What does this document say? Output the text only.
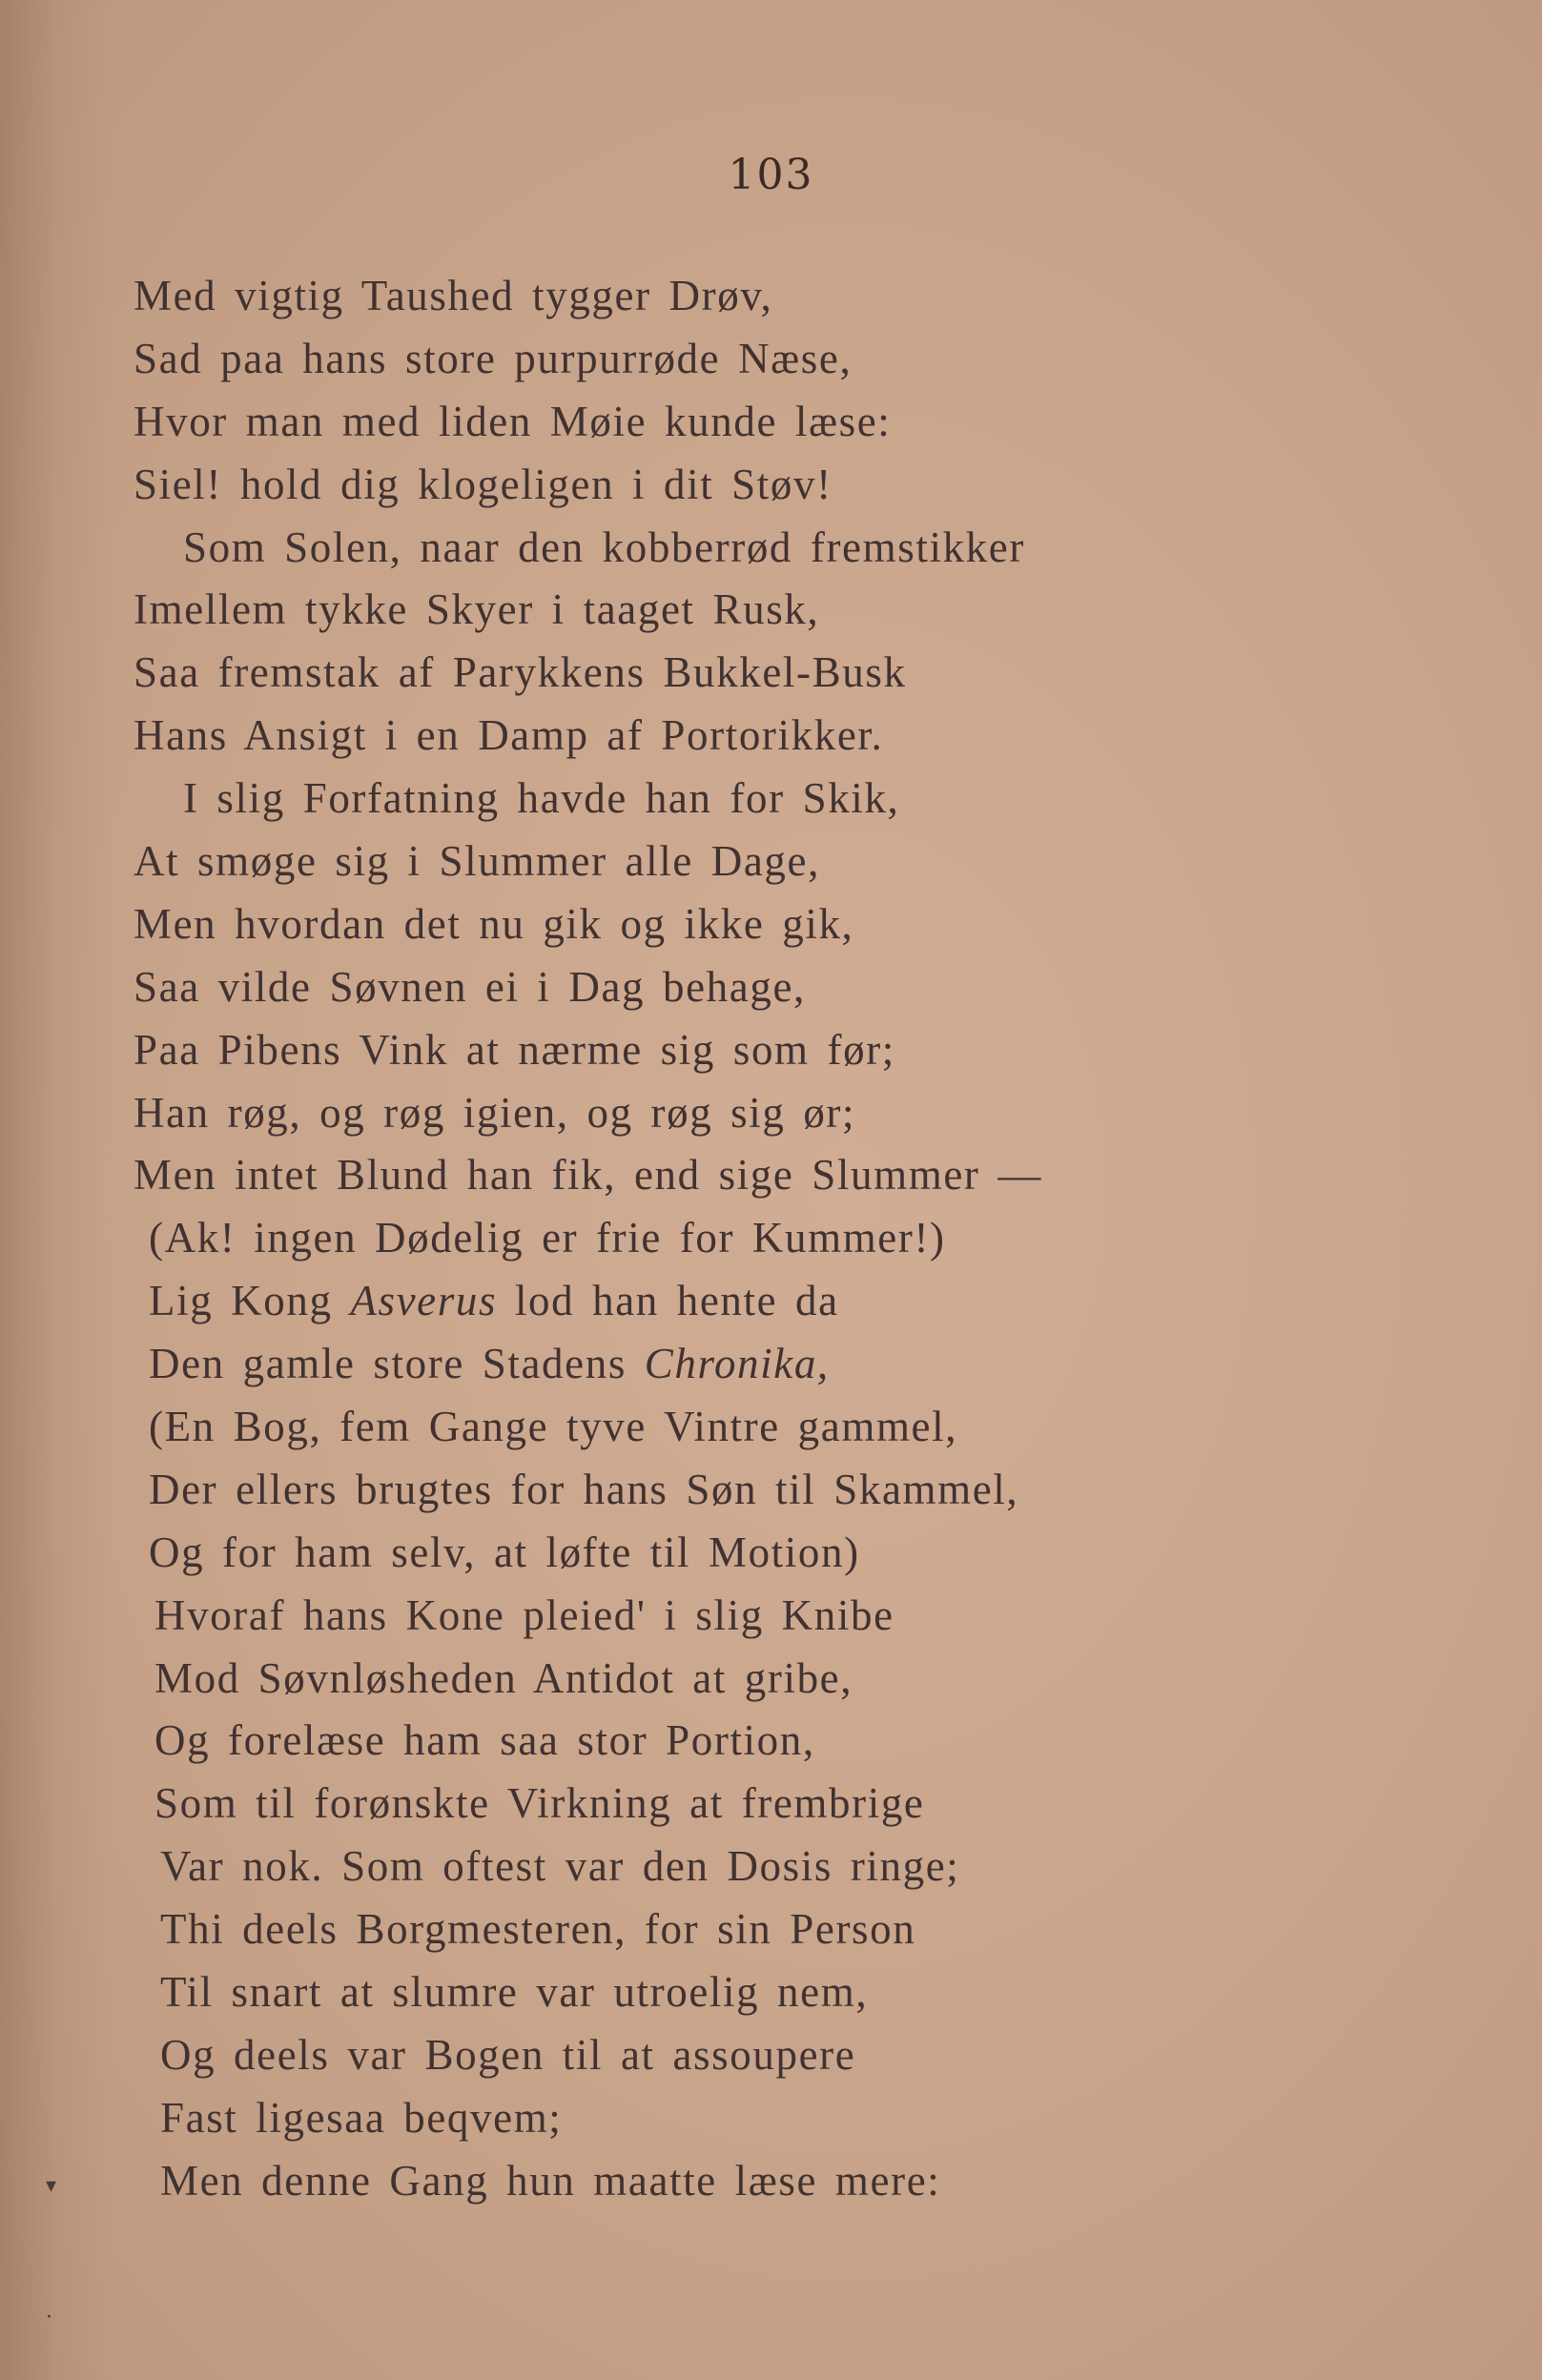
103
Med vigtig Taushed tygger Drøv,
Sad paa hans store purpurrøde Næse,
Hvor man med liden Møie kunde læse:
Siel! hold dig klogeligen i dit Støv!
Som Solen, naar den kobberrød fremstikker
Imellem tykke Skyer i taaget Rusk,
Saa fremstak af Parykkens Bukkel-Busk
Hans Ansigt i en Damp af Portorikker.
I slig Forfatning havde han for Skik,
At smøge sig i Slummer alle Dage,
Men hvordan det nu gik og ikke gik,
Saa vilde Søvnen ei i Dag behage,
Paa Pibens Vink at nærme sig som før;
Han røg, og røg igien, og røg sig ør;
Men intet Blund han fik, end sige Slummer —
(Ak! ingen Dødelig er frie for Kummer!)
Lig Kong Asverus lod han hente da
Den gamle store Stadens Chronika,
(En Bog, fem Gange tyve Vintre gammel,
Der ellers brugtes for hans Søn til Skammel,
Og for ham selv, at løfte til Motion)
Hvoraf hans Kone pleied' i slig Knibe
Mod Søvnløsheden Antidot at gribe,
Og forelæse ham saa stor Portion,
Som til forønskte Virkning at frembrige
Var nok. Som oftest var den Dosis ringe;
Thi deels Borgmesteren, for sin Person
Til snart at slumre var utroelig nem,
Og deels var Bogen til at assoupere
Fast ligesaa beqvem;
Men denne Gang hun maatte læse mere:
▾
·
